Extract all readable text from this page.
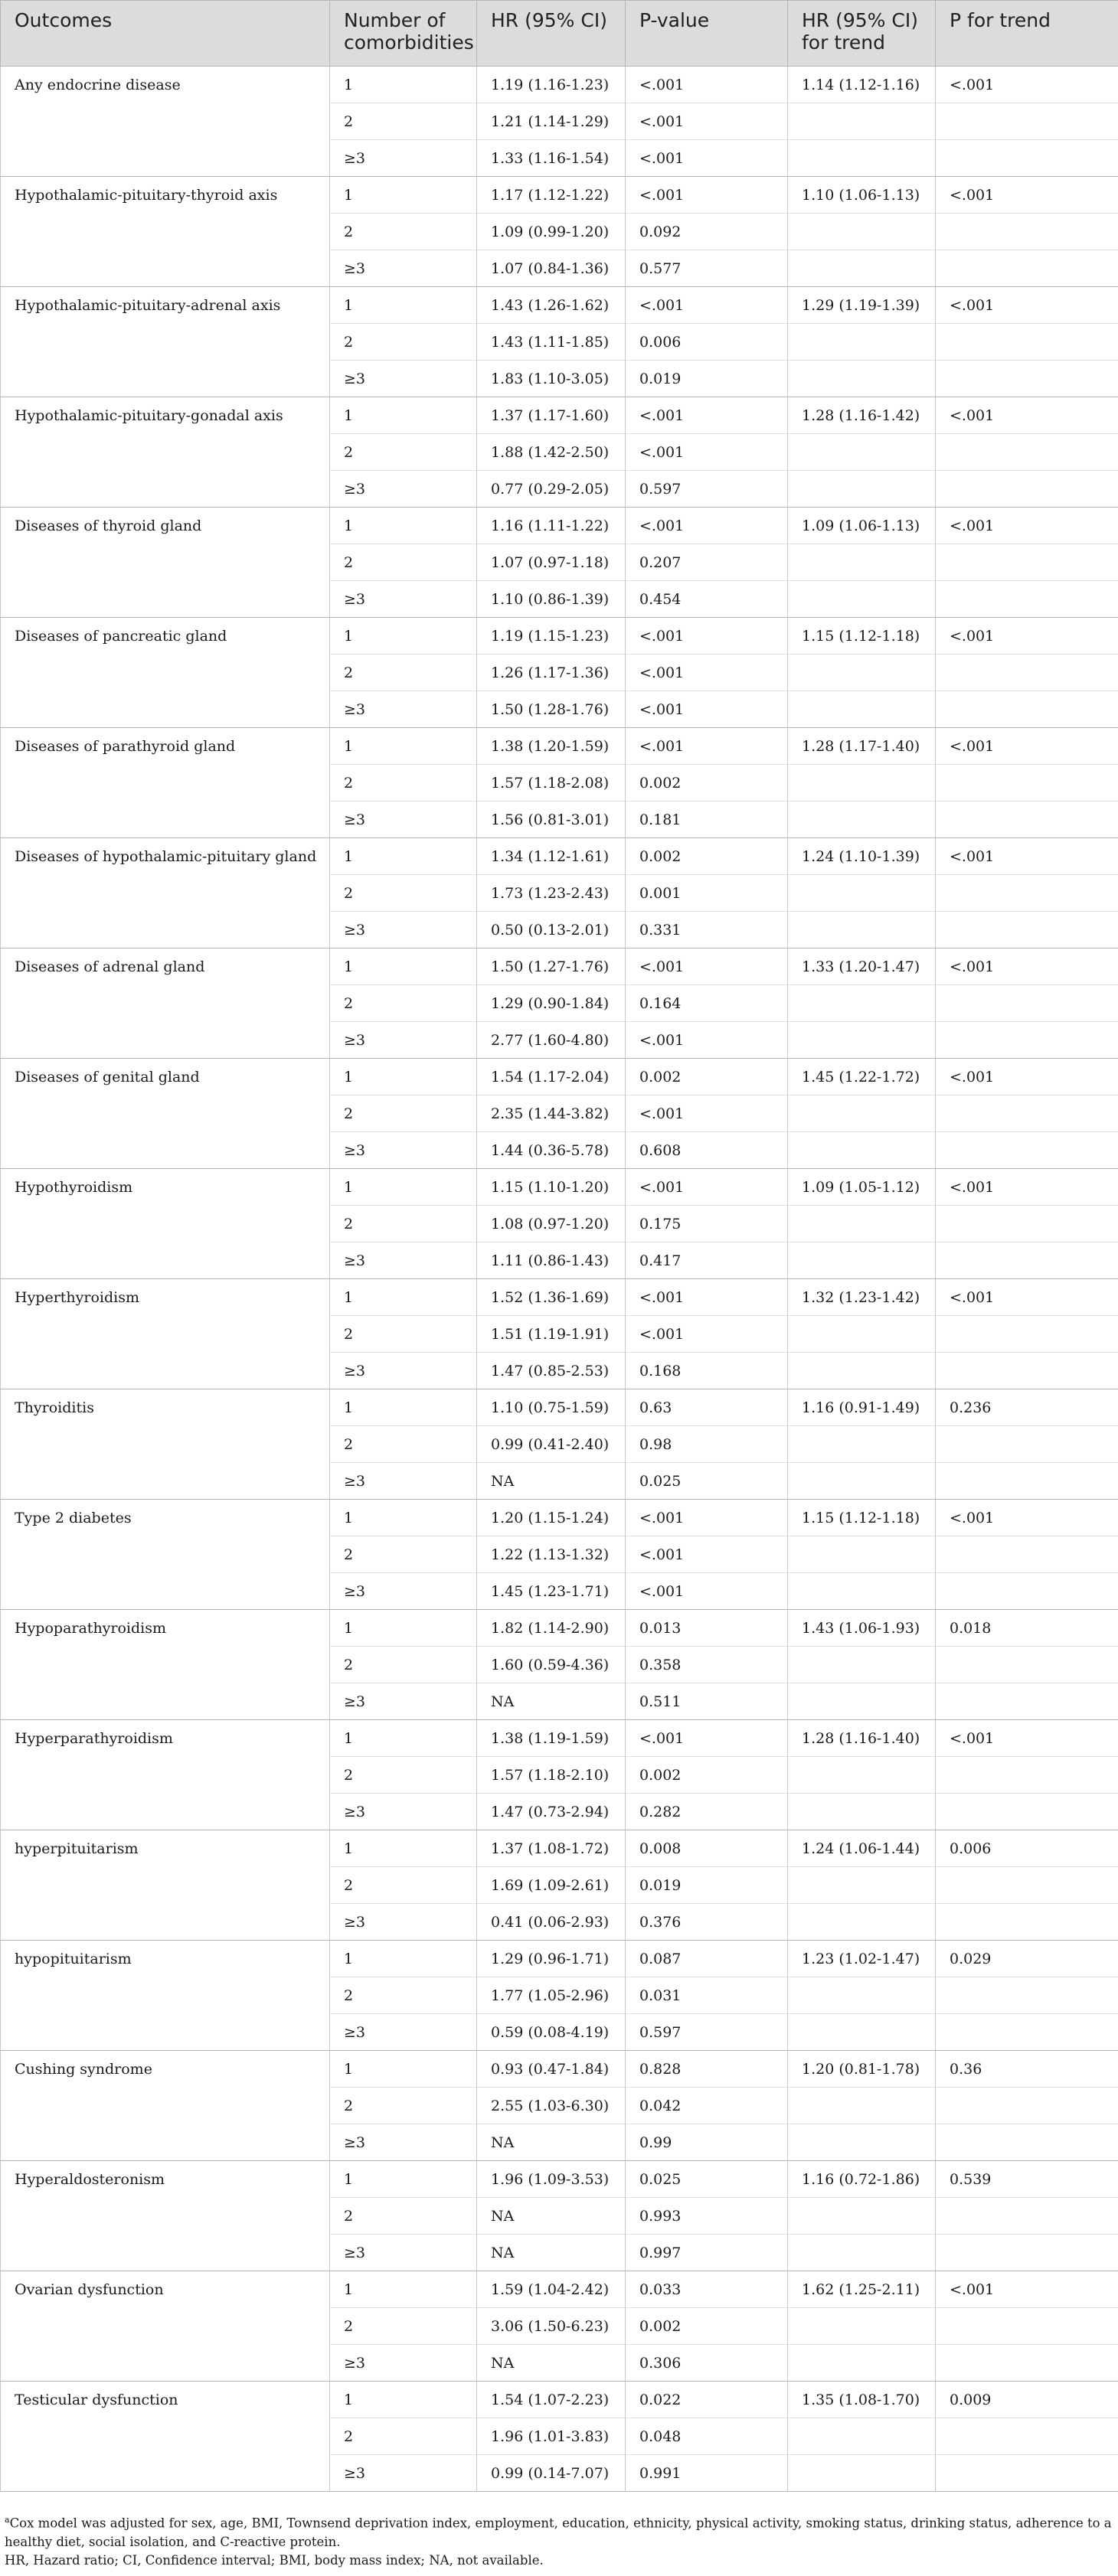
Outcomes	Number of comorbidities	HR (95% CI)	P-value	HR (95% CI) for trend	P for trend
Any endocrine disease	1	1.19 (1.16-1.23)	<.001	1.14 (1.12-1.16)	<.001
	2	1.21 (1.14-1.29)	<.001		
	≥3	1.33 (1.16-1.54)	<.001		
Hypothalamic-pituitary-thyroid axis	1	1.17 (1.12-1.22)	<.001	1.10 (1.06-1.13)	<.001
	2	1.09 (0.99-1.20)	0.092		
	≥3	1.07 (0.84-1.36)	0.577		
Hypothalamic-pituitary-adrenal axis	1	1.43 (1.26-1.62)	<.001	1.29 (1.19-1.39)	<.001
	2	1.43 (1.11-1.85)	0.006		
	≥3	1.83 (1.10-3.05)	0.019		
Hypothalamic-pituitary-gonadal axis	1	1.37 (1.17-1.60)	<.001	1.28 (1.16-1.42)	<.001
	2	1.88 (1.42-2.50)	<.001		
	≥3	0.77 (0.29-2.05)	0.597		
Diseases of thyroid gland	1	1.16 (1.11-1.22)	<.001	1.09 (1.06-1.13)	<.001
	2	1.07 (0.97-1.18)	0.207		
	≥3	1.10 (0.86-1.39)	0.454		
Diseases of pancreatic gland	1	1.19 (1.15-1.23)	<.001	1.15 (1.12-1.18)	<.001
	2	1.26 (1.17-1.36)	<.001		
	≥3	1.50 (1.28-1.76)	<.001		
Diseases of parathyroid gland	1	1.38 (1.20-1.59)	<.001	1.28 (1.17-1.40)	<.001
	2	1.57 (1.18-2.08)	0.002		
	≥3	1.56 (0.81-3.01)	0.181		
Diseases of hypothalamic-pituitary gland	1	1.34 (1.12-1.61)	0.002	1.24 (1.10-1.39)	<.001
	2	1.73 (1.23-2.43)	0.001		
	≥3	0.50 (0.13-2.01)	0.331		
Diseases of adrenal gland	1	1.50 (1.27-1.76)	<.001	1.33 (1.20-1.47)	<.001
	2	1.29 (0.90-1.84)	0.164		
	≥3	2.77 (1.60-4.80)	<.001		
Diseases of genital gland	1	1.54 (1.17-2.04)	0.002	1.45 (1.22-1.72)	<.001
	2	2.35 (1.44-3.82)	<.001		
	≥3	1.44 (0.36-5.78)	0.608		
Hypothyroidism	1	1.15 (1.10-1.20)	<.001	1.09 (1.05-1.12)	<.001
	2	1.08 (0.97-1.20)	0.175		
	≥3	1.11 (0.86-1.43)	0.417		
Hyperthyroidism	1	1.52 (1.36-1.69)	<.001	1.32 (1.23-1.42)	<.001
	2	1.51 (1.19-1.91)	<.001		
	≥3	1.47 (0.85-2.53)	0.168		
Thyroiditis	1	1.10 (0.75-1.59)	0.63	1.16 (0.91-1.49)	0.236
	2	0.99 (0.41-2.40)	0.98		
	≥3	NA	0.025		
Type 2 diabetes	1	1.20 (1.15-1.24)	<.001	1.15 (1.12-1.18)	<.001
	2	1.22 (1.13-1.32)	<.001		
	≥3	1.45 (1.23-1.71)	<.001		
Hypoparathyroidism	1	1.82 (1.14-2.90)	0.013	1.43 (1.06-1.93)	0.018
	2	1.60 (0.59-4.36)	0.358		
	≥3	NA	0.511		
Hyperparathyroidism	1	1.38 (1.19-1.59)	<.001	1.28 (1.16-1.40)	<.001
	2	1.57 (1.18-2.10)	0.002		
	≥3	1.47 (0.73-2.94)	0.282		
hyperpituitarism	1	1.37 (1.08-1.72)	0.008	1.24 (1.06-1.44)	0.006
	2	1.69 (1.09-2.61)	0.019		
	≥3	0.41 (0.06-2.93)	0.376		
hypopituitarism	1	1.29 (0.96-1.71)	0.087	1.23 (1.02-1.47)	0.029
	2	1.77 (1.05-2.96)	0.031		
	≥3	0.59 (0.08-4.19)	0.597		
Cushing syndrome	1	0.93 (0.47-1.84)	0.828	1.20 (0.81-1.78)	0.36
	2	2.55 (1.03-6.30)	0.042		
	≥3	NA	0.99		
Hyperaldosteronism	1	1.96 (1.09-3.53)	0.025	1.16 (0.72-1.86)	0.539
	2	NA	0.993		
	≥3	NA	0.997		
Ovarian dysfunction	1	1.59 (1.04-2.42)	0.033	1.62 (1.25-2.11)	<.001
	2	3.06 (1.50-6.23)	0.002		
	≥3	NA	0.306		
Testicular dysfunction	1	1.54 (1.07-2.23)	0.022	1.35 (1.08-1.70)	0.009
	2	1.96 (1.01-3.83)	0.048		
	≥3	0.99 (0.14-7.07)	0.991		
$^a$Cox model was adjusted for sex, age, BMI, Townsend deprivation index, employment, education, ethnicity, physical activity, smoking status, drinking status, adherence to a healthy diet, social isolation, and C-reactive protein.
HR, Hazard ratio; CI, Confidence interval; BMI, body mass index; NA, not available.
